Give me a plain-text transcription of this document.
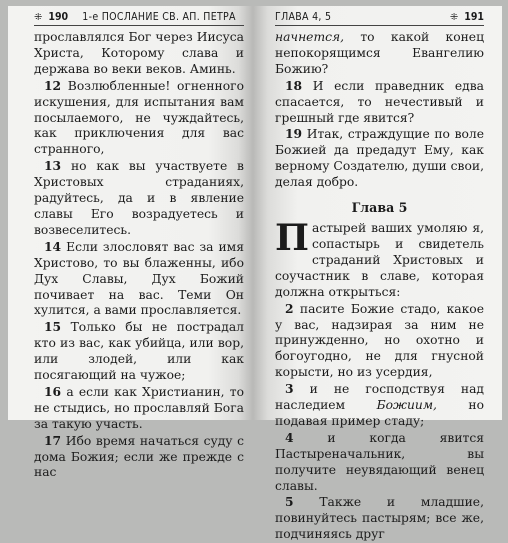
⁜ 190	1-е ПОСЛАНИЕ СВ. АП. ПЕТРА

прославлялся Бог через Иисуса Христа, Которому слава и держава во веки веков. Аминь.

12 Возлюбленные! огненного искушения, для испытания вам посылаемого, не чуждайтесь, как приключения для вас странного,

13 но как вы участвуете в Христовых страданиях, радуйтесь, да и в явление славы Его возрадуетесь и возвеселитесь.

14 Если злословят вас за имя Христово, то вы блаженны, ибо Дух Славы, Дух Божий почивает на вас. Теми Он хулится, а вами прославляется.

15 Только бы не пострадал кто из вас, как убийца, или вор, или злодей, или как посягающий на чужое;

16 а если как Христианин, то не стыдись, но прославляй Бога за такую участь.

17 Ибо время начаться суду с дома Божия; если же прежде с нас

ГЛАВА 4, 5	⁜ 191

начнется, то какой конец непокорящимся Евангелию Божию?

18 И если праведник едва спасается, то нечестивый и грешный где явится?

19 Итак, страждущие по воле Божией да предадут Ему, как верному Создателю, души свои, делая добро.

Глава 5

Пастырей ваших умоляю я, сопастырь и свидетель страданий Христовых и соучастник в славе, которая должна открыться:

2 пасите Божие стадо, какое у вас, надзирая за ним не принужденно, но охотно и богоугодно, не для гнусной корысти, но из усердия,

3 и не господствуя над наследием Божиим, но подавая пример стаду;

4	и когда явится Пастыреначальник, вы получите неувядающий венец славы.

5 Также и младшие, повинуйтесь пастырям; все же, подчиняясь друг
